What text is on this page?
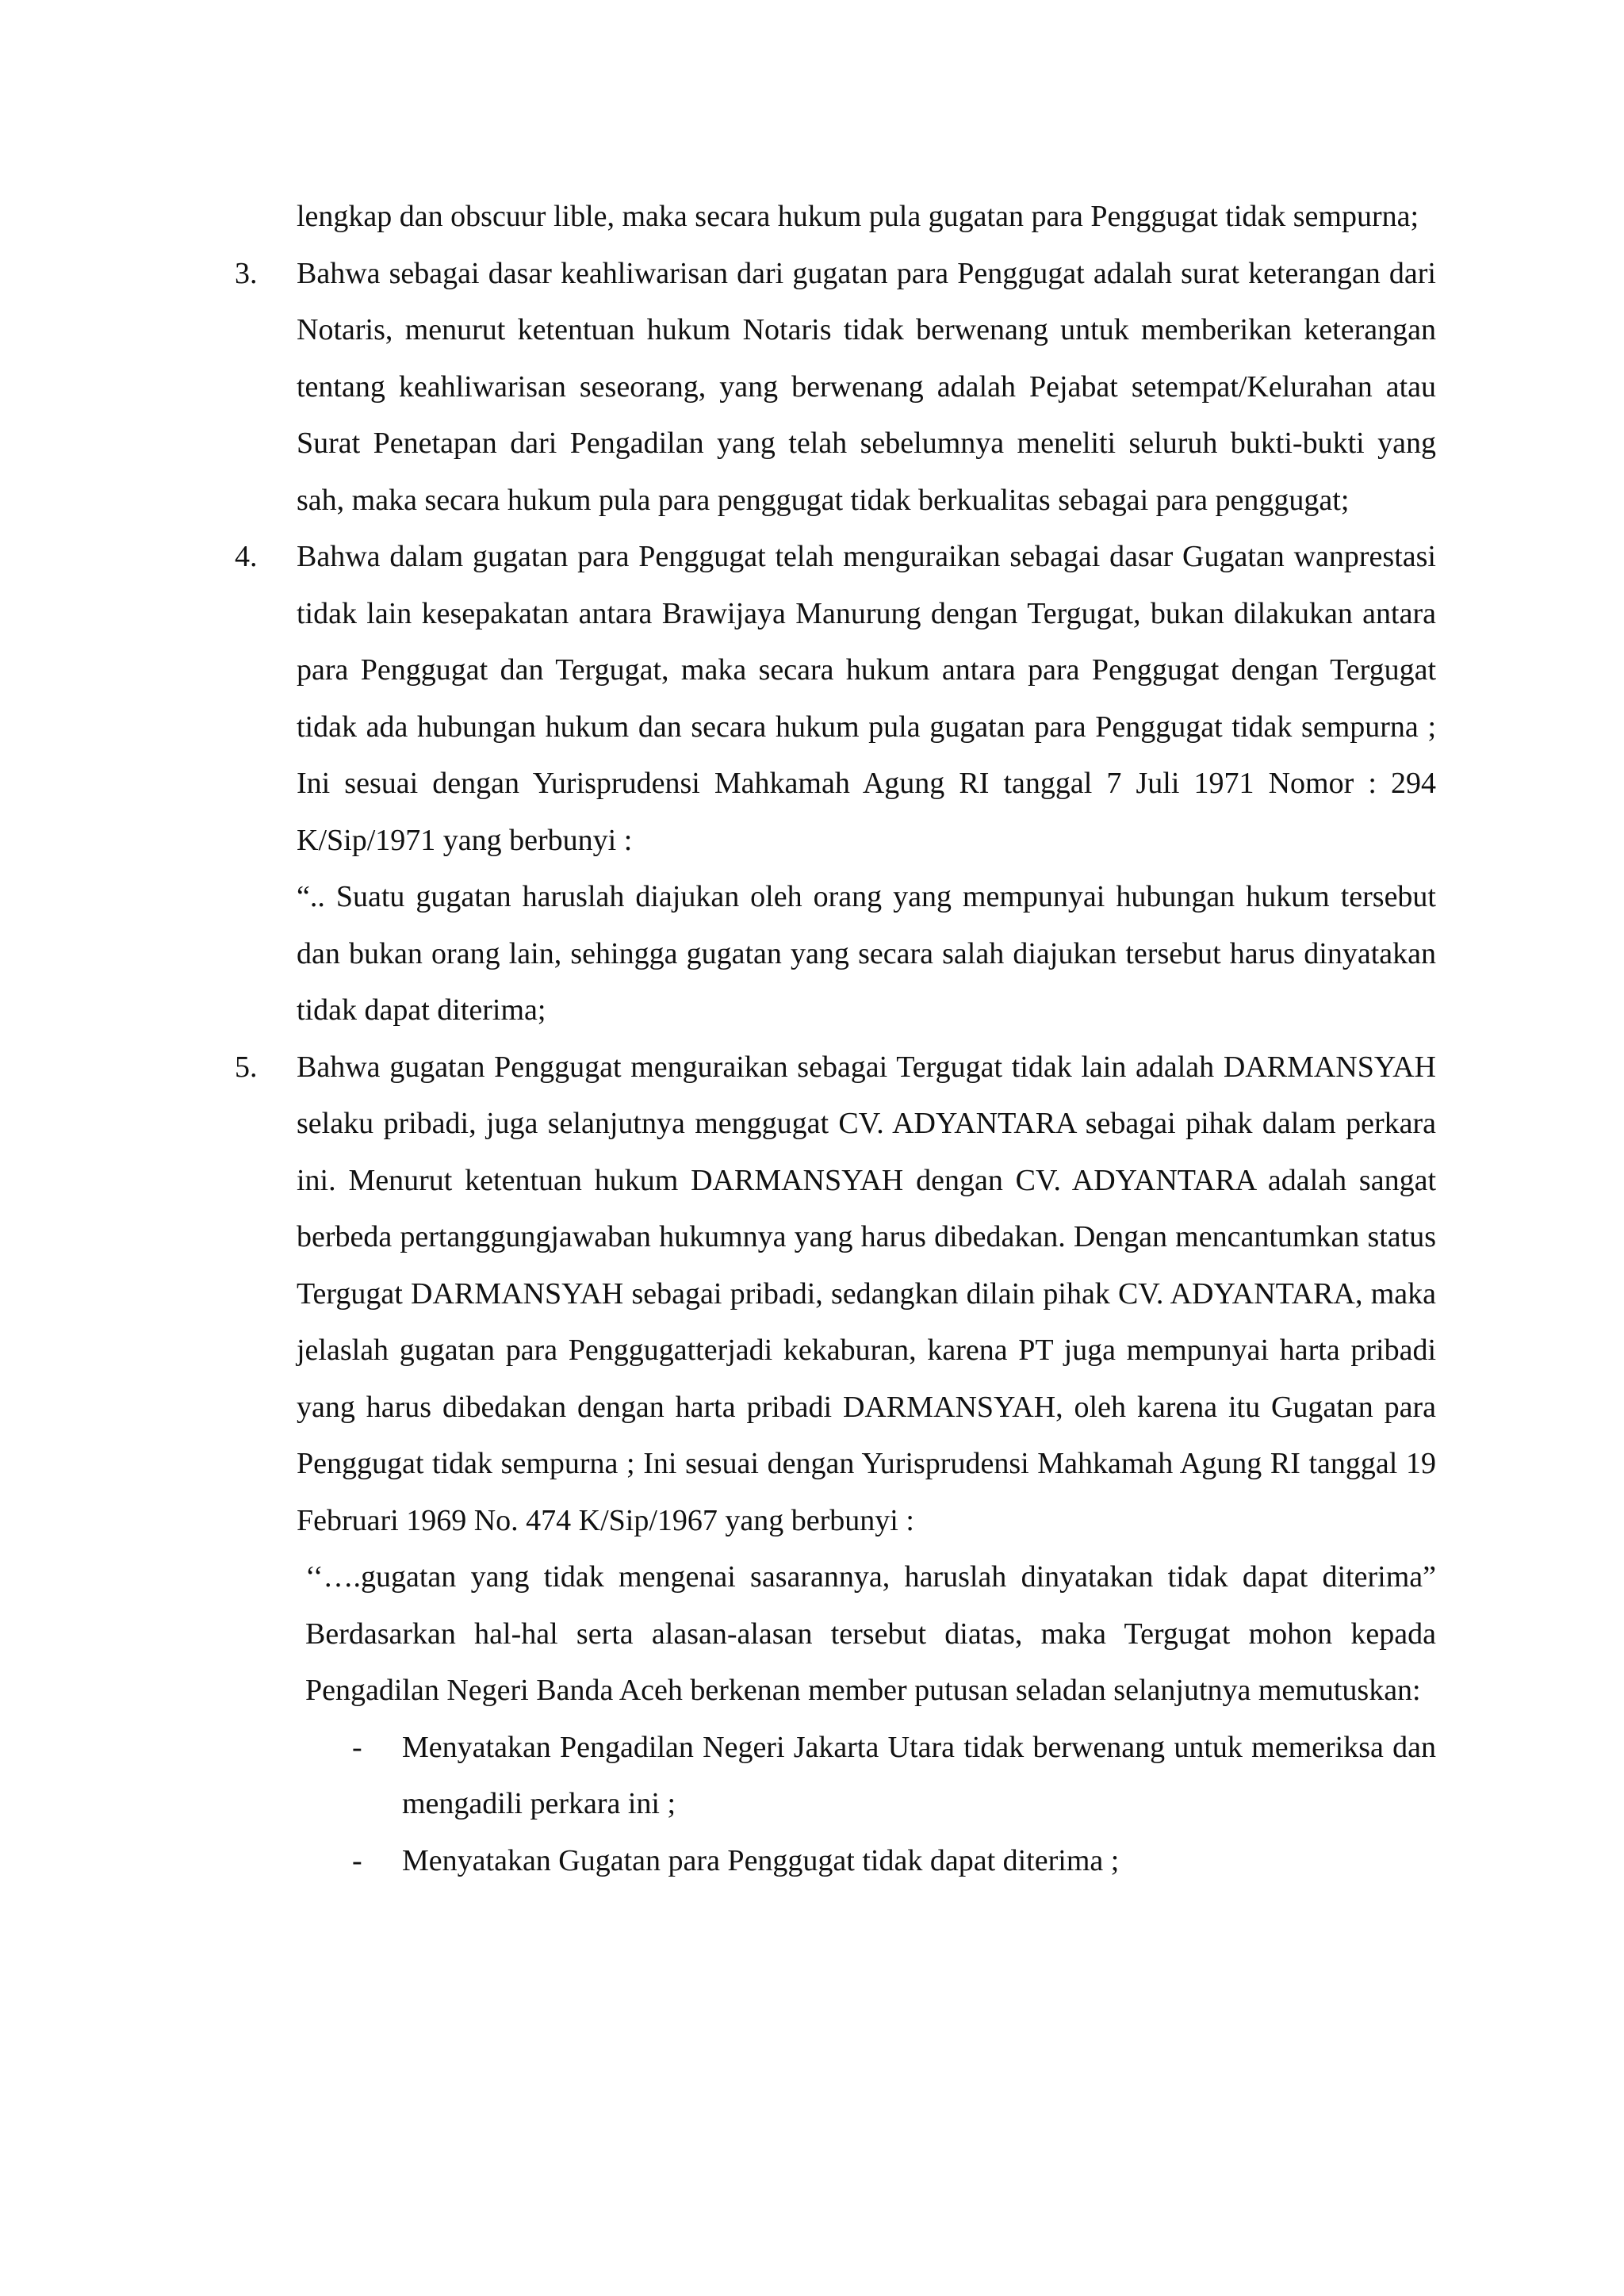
lengkap dan obscuur lible, maka secara hukum pula gugatan para Penggugat tidak sempurna;
3. Bahwa sebagai dasar keahliwarisan dari gugatan para Penggugat adalah surat keterangan dari Notaris, menurut ketentuan hukum Notaris tidak berwenang untuk memberikan keterangan tentang keahliwarisan seseorang, yang berwenang adalah Pejabat setempat/Kelurahan atau Surat Penetapan dari Pengadilan yang telah sebelumnya meneliti seluruh bukti-bukti yang sah, maka secara hukum pula para penggugat tidak berkualitas sebagai para penggugat;
4. Bahwa dalam gugatan para Penggugat telah menguraikan sebagai dasar Gugatan wanprestasi tidak lain kesepakatan antara Brawijaya Manurung dengan Tergugat, bukan dilakukan antara para Penggugat dan Tergugat, maka secara hukum antara para Penggugat dengan Tergugat tidak ada hubungan hukum dan secara hukum pula gugatan para Penggugat tidak sempurna ; Ini sesuai dengan Yurisprudensi Mahkamah Agung RI tanggal 7 Juli 1971 Nomor : 294 K/Sip/1971 yang berbunyi :
“.. Suatu gugatan haruslah diajukan oleh orang yang mempunyai hubungan hukum tersebut dan bukan orang lain, sehingga gugatan yang secara salah diajukan tersebut harus dinyatakan tidak dapat diterima;
5. Bahwa gugatan Penggugat menguraikan sebagai Tergugat tidak lain adalah DARMANSYAH selaku pribadi, juga selanjutnya menggugat CV. ADYANTARA sebagai pihak dalam perkara ini. Menurut ketentuan hukum DARMANSYAH dengan CV. ADYANTARA adalah sangat berbeda pertanggungjawaban hukumnya yang harus dibedakan. Dengan mencantumkan status Tergugat DARMANSYAH sebagai pribadi, sedangkan dilain pihak CV. ADYANTARA, maka jelaslah gugatan para Penggugatterjadi kekaburan, karena PT juga mempunyai harta pribadi yang harus dibedakan dengan harta pribadi DARMANSYAH, oleh karena itu Gugatan para Penggugat tidak sempurna ; Ini sesuai dengan Yurisprudensi Mahkamah Agung RI tanggal 19 Februari 1969 No. 474 K/Sip/1967 yang berbunyi :
‘‘….gugatan yang tidak mengenai sasarannya, haruslah dinyatakan tidak dapat diterima” Berdasarkan hal-hal serta alasan-alasan tersebut diatas, maka Tergugat mohon kepada Pengadilan Negeri Banda Aceh berkenan member putusan seladan selanjutnya memutuskan:
- Menyatakan Pengadilan Negeri Jakarta Utara tidak berwenang untuk memeriksa dan mengadili perkara ini ;
- Menyatakan Gugatan para Penggugat tidak dapat diterima ;
